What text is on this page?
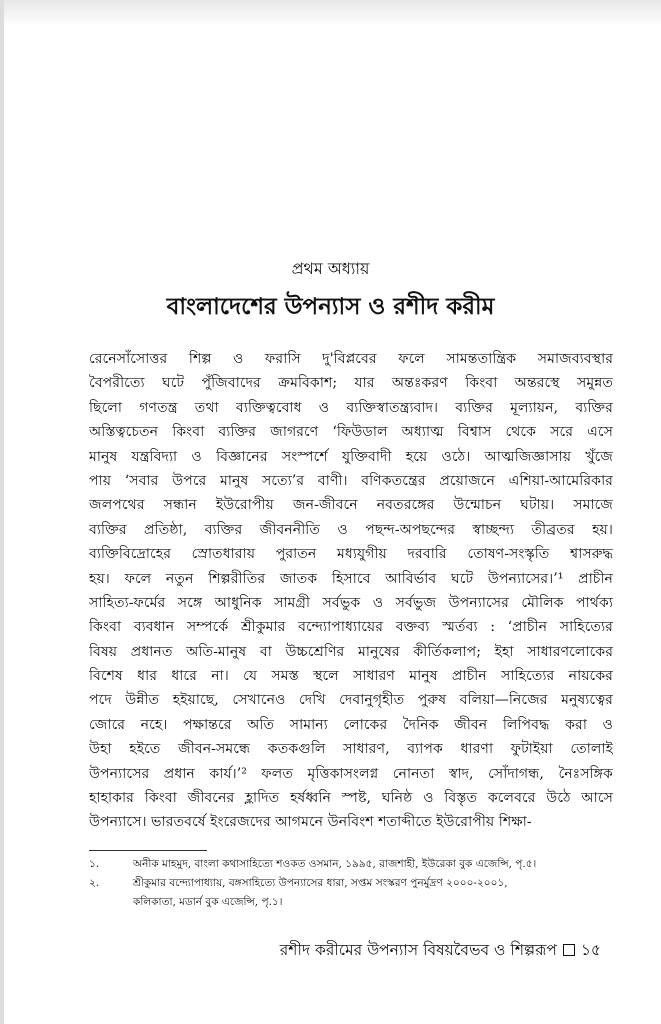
প্রথম অধ্যায়
বাংলাদেশের উপন্যাস ও রশীদ করীম
রেনেসাঁসোত্তর শিল্প ও ফরাসি দু'বিপ্লবের ফলে সামন্ততান্ত্রিক সমাজব্যবস্থার
বৈপরীত্যে ঘটে পুঁজিবাদের ক্রমবিকাশ; যার অন্তঃকরণ কিংবা অন্তরস্থে সমুন্নত
ছিলো গণতন্ত্র তথা ব্যক্তিত্ববোধ ও ব্যক্তিস্বাতন্ত্র্যবাদ। ব্যক্তির মূল্যায়ন, ব্যক্তির
অস্তিত্বচেতন কিংবা ব্যক্তির জাগরণে ‘ফিউডাল অধ্যাত্ম বিশ্বাস থেকে সরে এসে
মানুষ যন্ত্রবিদ্যা ও বিজ্ঞানের সংস্পর্শে যুক্তিবাদী হয়ে ওঠে। আত্মজিজ্ঞাসায় খুঁজে
পায় ‘সবার উপরে মানুষ সত্যে’র বাণী। বণিকতন্ত্রের প্রয়োজনে এশিয়া-আমেরিকার
জলপথের সন্ধান ইউরোপীয় জন-জীবনে নবতরঙ্গের উন্মোচন ঘটায়। সমাজে
ব্যক্তির প্রতিষ্ঠা, ব্যক্তির জীবননীতি ও পছন্দ-অপছন্দের স্বাচ্ছন্দ্য তীব্রতর হয়।
ব্যক্তিবিদ্রোহের স্রোতধারায় পুরাতন মধ্যযুগীয় দরবারি তোষণ-সংস্কৃতি শ্বাসরুদ্ধ
হয়। ফলে নতুন শিল্পরীতির জাতক হিসাবে আবির্ভাব ঘটে উপন্যাসের।’¹ প্রাচীন
সাহিত্য-ফর্মের সঙ্গে আধুনিক সামগ্রী সর্বভুক ও সর্বভুজ উপন্যাসের মৌলিক পার্থক্য
কিংবা ব্যবধান সম্পর্কে শ্রীকুমার বন্দ্যোপাধ্যায়ের বক্তব্য স্মর্তব্য : ‘প্রাচীন সাহিত্যের
বিষয় প্রধানত অতি-মানুষ বা উচ্চশ্রেণির মানুষের কীর্তিকলাপ; ইহা সাধারণলোকের
বিশেষ ধার ধারে না। যে সমস্ত স্থলে সাধারণ মানুষ প্রাচীন সাহিত্যের নায়কের
পদে উন্নীত হইয়াছে, সেখানেও দেখি দেবানুগৃহীত পুরুষ বলিয়া—নিজের মনুষ্যত্বের
জোরে নহে। পক্ষান্তরে অতি সামান্য লোকের দৈনিক জীবন লিপিবদ্ধ করা ও
উহা হইতে জীবন-সমন্ধে কতকগুলি সাধারণ, ব্যাপক ধারণা ফুটাইয়া তোলাই
উপন্যাসের প্রধান কার্য।’² ফলত মৃত্তিকাসংলগ্ন নোনতা স্বাদ, সোঁদাগন্ধ, নৈঃসঙ্গিক
হাহাকার কিংবা জীবনের হ্লাদিত হর্ষধ্বনি স্পষ্ট, ঘনিষ্ঠ ও বিস্তৃত কলেবরে উঠে আসে
উপন্যাসে। ভারতবর্ষে ইংরেজদের আগমনে উনবিংশ শতাব্দীতে ইউরোপীয় শিক্ষা-
১.	অনীক মাহমুদ, বাংলা কথাসাহিত্যে শওকত ওসমান, ১৯৯৫, রাজশাহী, ইউরেকা বুক এজেন্সি, পৃ.৫।
২.	শ্রীকুমার বন্দ্যোপাধ্যায়, বঙ্গসাহিত্যে উপন্যাসের ধারা, সপ্তম সংস্করণ পুনর্মুদ্রণ ২০০০-২০০১,
কলিকাতা, মডার্ন বুক এজেন্সি, পৃ.১।
রশীদ করীমের উপন্যাস বিষয়বৈভব ও শিল্পরূপ ১৫
